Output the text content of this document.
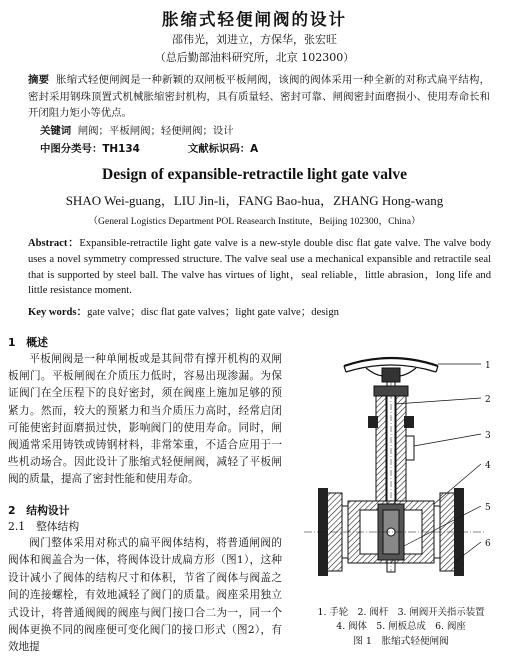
胀缩式轻便闸阀的设计
邵伟光，刘进立，方保华，张宏旺
（总后勤部油料研究所，北京 102300）
摘要 胀缩式轻便闸阀是一种新颖的双闸板平板闸阀，该阀的阀体采用一种全新的对称式扁平结构，密封采用钢珠顶置式机械胀缩密封机构，具有质量轻、密封可靠、闸阀密封面磨损小、使用寿命长和开闭阻力矩小等优点。
关键词 闸阀；平板闸阀；轻便闸阀；设计
中图分类号：TH134	文献标识码：A
Design of expansible-retractile light gate valve
SHAO Wei-guang，LIU Jin-li，FANG Bao-hua，ZHANG Hong-wang
（General Logistics Department POL Reasearch Institute，Beijing 102300，China）
Abstract：Expansible-retractile light gate valve is a new-style double disc flat gate valve. The valve body uses a novel symmetry compressed structure. The valve seal use a mechanical expansible and retractile seal that is supported by steel ball. The valve has virtues of light，seal reliable，little abrasion，long life and little resistance moment.
Key words：gate valve；disc flat gate valves；light gate valve；design
1　概述
平板闸阀是一种单闸板或是其间带有撑开机构的双闸板闸门。平板闸阀在介质压力低时，容易出现渗漏。为保证阀门在全压程下的良好密封，须在阀座上施加足够的预紧力。然而，较大的预紧力和当介质压力高时，经常启闭可能使密封面磨损过快，影响阀门的使用寿命。同时，闸阀通常采用铸铁或铸钢材料，非常笨重，不适合应用于一些机动场合。因此设计了胀缩式轻便闸阀，减轻了平板闸阀的质量，提高了密封性能和使用寿命。
2　结构设计
2.1　整体结构
阀门整体采用对称式的扁平阀体结构，将普通闸阀的阀体和阀盖合为一体，将阀体设计成扁方形（图1），这种设计减小了阀体的结构尺寸和体积，节省了阀体与阀盖之间的连接螺栓，有效地减轻了阀门的质量。阀座采用独立式设计，将普通阀阀的阀座与阀门接口合二为一，同一个阀体更换不同的阀座便可变化阀门的接口形式（图2），有效地提
1
2
3
4
5
6
1. 手轮　2. 阀杆　3. 闸阀开关指示装置
4. 阀体　5. 闸板总成　6. 阀座
图 1　胀缩式轻便闸阀
